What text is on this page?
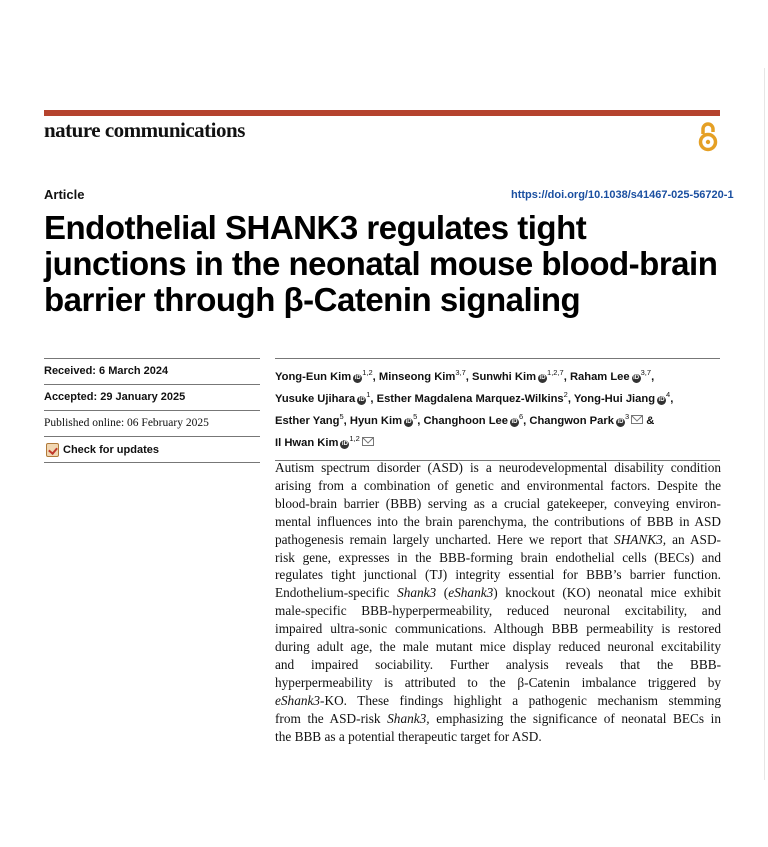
nature communications
Article	https://doi.org/10.1038/s41467-025-56720-1
Endothelial SHANK3 regulates tight
junctions in the neonatal mouse blood-brain
barrier through β-Catenin signaling
Received: 6 March 2024
Accepted: 29 January 2025
Published online: 06 February 2025
Check for updates
Yong-Eun Kim iD$^{1,2}$, Minseong Kim$^{3,7}$, Sunwhi Kim iD$^{1,2,7}$, Raham Lee iD$^{3,7}$, Yusuke Ujihara $iD^1$, Esther Magdalena Marquez-Wilkins$^2$, Yong-Hui Jiang $iD^4$, Esther Yang$^5$, Hyun Kim $iD^5$, Changhoon Lee $iD^6$, Changwon Park $iD^3$ & Il Hwan Kim iD$^{1,2}$
Autism spectrum disorder (ASD) is a neurodevelopmental disability condition
arising from a combination of genetic and environmental factors. Despite the
blood-brain barrier (BBB) serving as a crucial gatekeeper, conveying environ-
mental influences into the brain parenchyma, the contributions of BBB in ASD
pathogenesis remain largely uncharted. Here we report that SHANK3, an ASD-
risk gene, expresses in the BBB-forming brain endothelial cells (BECs) and
regulates tight junctional (TJ) integrity essential for BBB’s barrier function.
Endothelium-specific Shank3 (eShank3) knockout (KO) neonatal mice exhibit
male-specific BBB-hyperpermeability, reduced neuronal excitability, and
impaired ultra-sonic communications. Although BBB permeability is restored
during adult age, the male mutant mice display reduced neuronal excitability
and impaired sociability. Further analysis reveals that the BBB-
hyperpermeability is attributed to the β-Catenin imbalance triggered by
eShank3-KO. These findings highlight a pathogenic mechanism stemming
from the ASD-risk Shank3, emphasizing the significance of neonatal BECs in
the BBB as a potential therapeutic target for ASD.
